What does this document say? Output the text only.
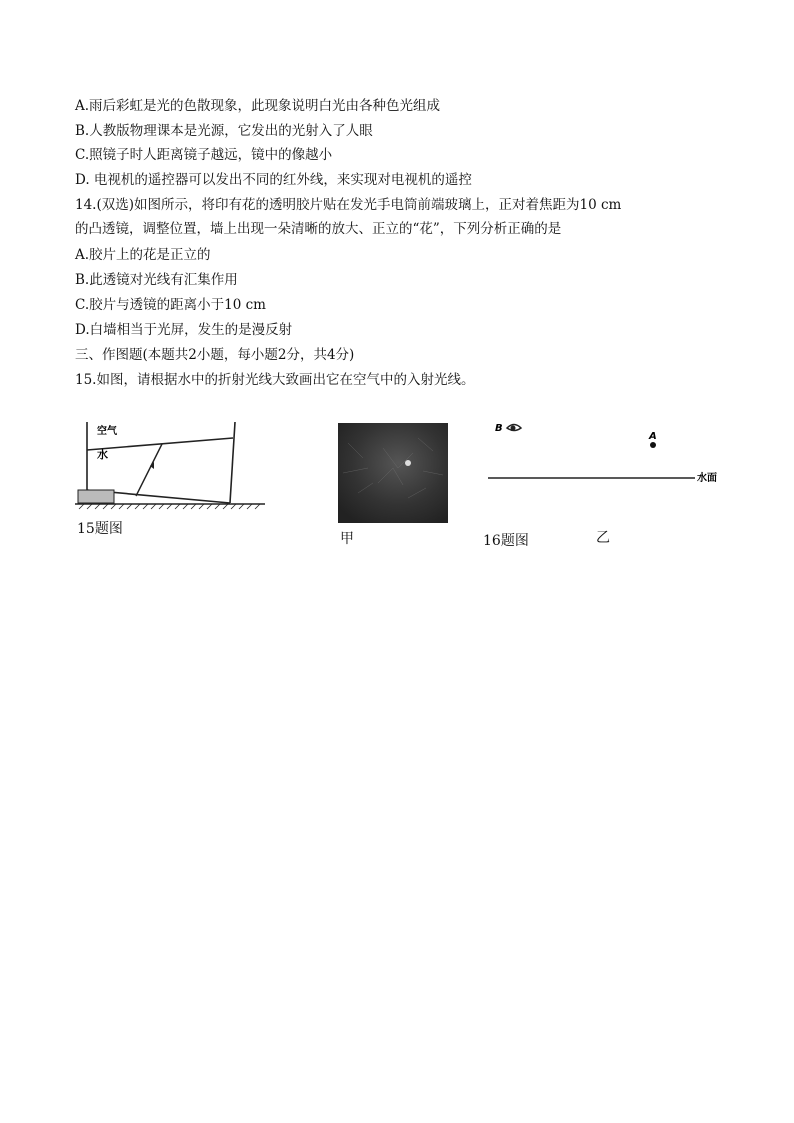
A.雨后彩虹是光的色散现象，此现象说明白光由各种色光组成
B.人教版物理课本是光源，它发出的光射入了人眼
C.照镜子时人距离镜子越远，镜中的像越小
D. 电视机的遥控器可以发出不同的红外线，来实现对电视机的遥控
14.(双选)如图所示，将印有花的透明胶片贴在发光手电筒前端玻璃上，正对着焦距为10 cm
的凸透镜，调整位置，墙上出现一朵清晰的放大、正立的“花”，下列分析正确的是
A.胶片上的花是正立的
B.此透镜对光线有汇集作用
C.胶片与透镜的距离小于10 cm
D.白墙相当于光屏，发生的是漫反射
三、作图题(本题共2小题，每小题2分，共4分)
15.如图，请根据水中的折射光线大致画出它在空气中的入射光线。
空气
水
15题图
甲
B
A
水面
16题图	乙
